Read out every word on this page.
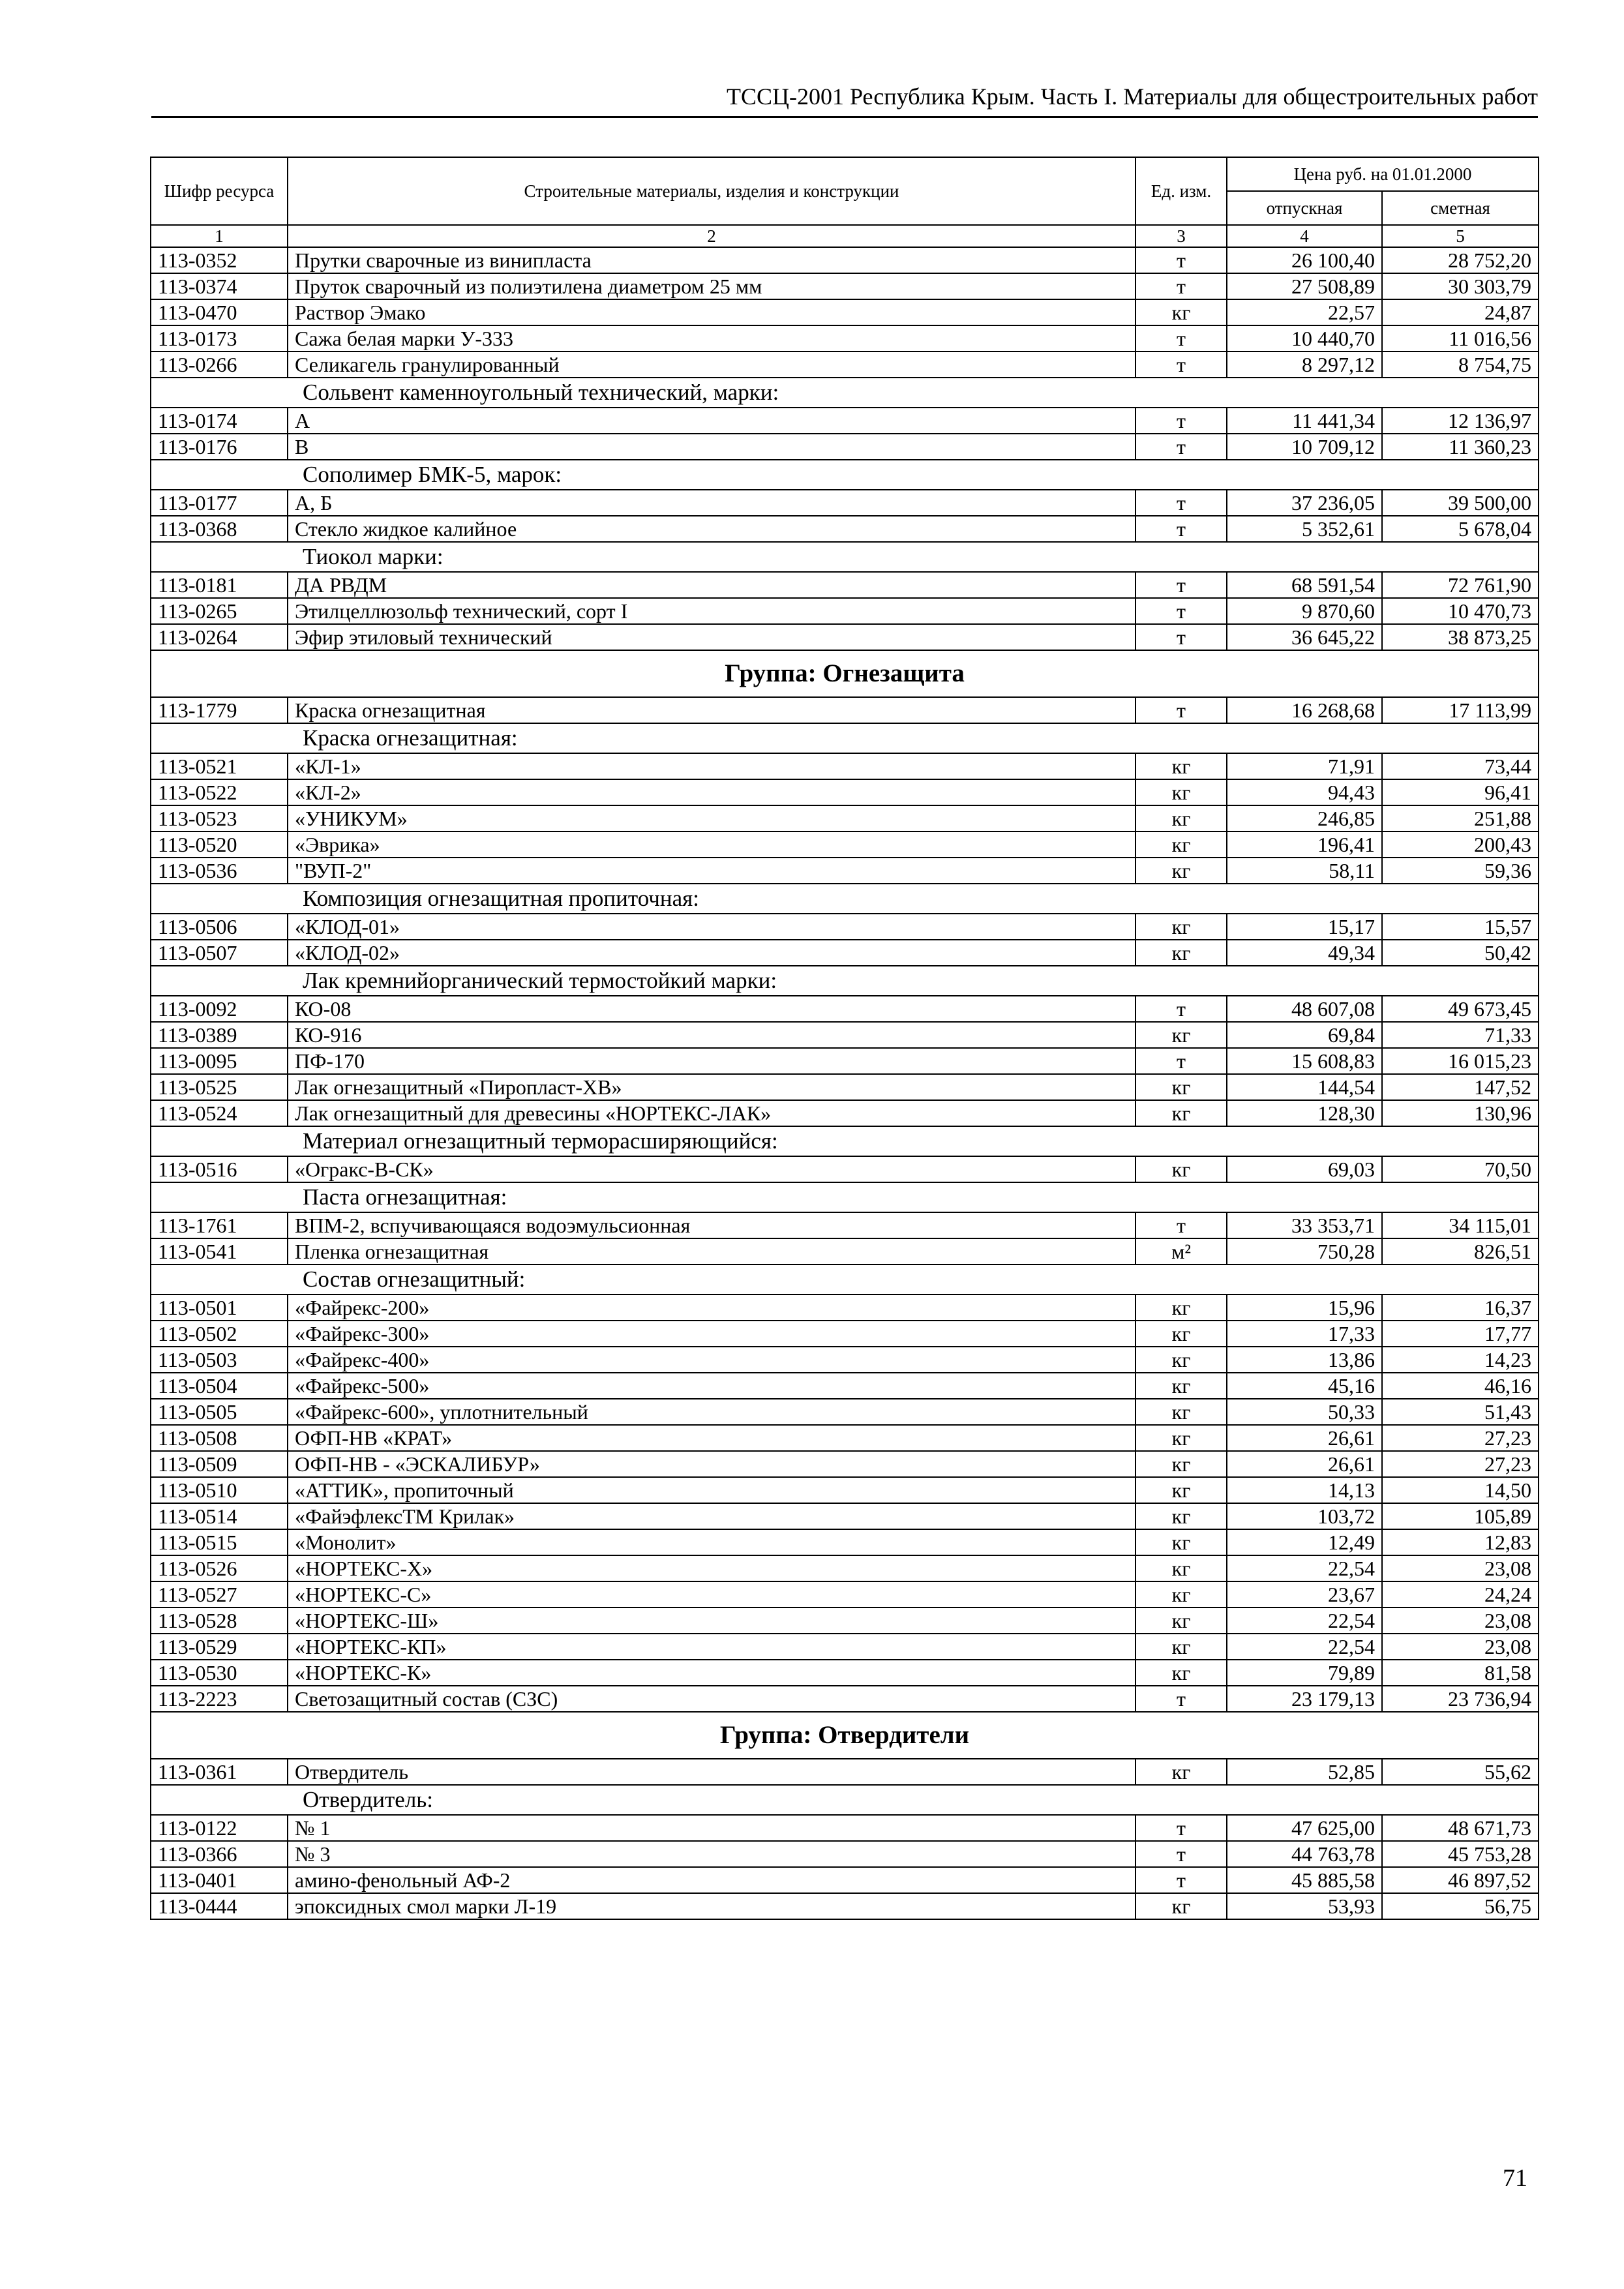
ТССЦ-2001 Республика Крым. Часть I. Материалы для общестроительных работ
Шифр ресурса	Строительные материалы, изделия и конструкции	Ед. изм.	Цена руб. на 01.01.2000	
			отпускная	сметная
1	2	3	4	5
113-0352	Прутки сварочные из винипласта	т	26 100,40	28 752,20
113-0374	Пруток сварочный из полиэтилена диаметром 25 мм	т	27 508,89	30 303,79
113-0470	Раствор Эмако	кг	22,57	24,87
113-0173	Сажа белая марки У-333	т	10 440,70	11 016,56
113-0266	Селикагель гранулированный	т	8 297,12	8 754,75
Сольвент каменноугольный технический, марки:				
113-0174	А	т	11 441,34	12 136,97
113-0176	В	т	10 709,12	11 360,23
Сополимер БМК-5, марок:				
113-0177	А, Б	т	37 236,05	39 500,00
113-0368	Стекло жидкое калийное	т	5 352,61	5 678,04
Тиокол марки:				
113-0181	ДА РВДМ	т	68 591,54	72 761,90
113-0265	Этилцеллюзольф технический, сорт I	т	9 870,60	10 470,73
113-0264	Эфир этиловый технический	т	36 645,22	38 873,25
Группа: Огнезащита				
113-1779	Краска огнезащитная	т	16 268,68	17 113,99
Краска огнезащитная:				
113-0521	«КЛ-1»	кг	71,91	73,44
113-0522	«КЛ-2»	кг	94,43	96,41
113-0523	«УНИКУМ»	кг	246,85	251,88
113-0520	«Эврика»	кг	196,41	200,43
113-0536	"ВУП-2"	кг	58,11	59,36
Композиция огнезащитная пропиточная:				
113-0506	«КЛОД-01»	кг	15,17	15,57
113-0507	«КЛОД-02»	кг	49,34	50,42
Лак кремнийорганический термостойкий марки:				
113-0092	КО-08	т	48 607,08	49 673,45
113-0389	КО-916	кг	69,84	71,33
113-0095	ПФ-170	т	15 608,83	16 015,23
113-0525	Лак огнезащитный «Пиропласт-ХВ»	кг	144,54	147,52
113-0524	Лак огнезащитный для древесины «НОРТЕКС-ЛАК»	кг	128,30	130,96
Материал огнезащитный терморасширяющийся:				
113-0516	«Огракс-В-СК»	кг	69,03	70,50
Паста огнезащитная:				
113-1761	ВПМ-2, вспучивающаяся водоэмульсионная	т	33 353,71	34 115,01
113-0541	Пленка огнезащитная	м²	750,28	826,51
Состав огнезащитный:				
113-0501	«Файрекс-200»	кг	15,96	16,37
113-0502	«Файрекс-300»	кг	17,33	17,77
113-0503	«Файрекс-400»	кг	13,86	14,23
113-0504	«Файрекс-500»	кг	45,16	46,16
113-0505	«Файрекс-600», уплотнительный	кг	50,33	51,43
113-0508	ОФП-НВ «КРАТ»	кг	26,61	27,23
113-0509	ОФП-НВ - «ЭСКАЛИБУР»	кг	26,61	27,23
113-0510	«АТТИК», пропиточный	кг	14,13	14,50
113-0514	«ФайэфлексТМ Крилак»	кг	103,72	105,89
113-0515	«Монолит»	кг	12,49	12,83
113-0526	«НОРТЕКС-Х»	кг	22,54	23,08
113-0527	«НОРТЕКС-С»	кг	23,67	24,24
113-0528	«НОРТЕКС-Ш»	кг	22,54	23,08
113-0529	«НОРТЕКС-КП»	кг	22,54	23,08
113-0530	«НОРТЕКС-К»	кг	79,89	81,58
113-2223	Светозащитный состав (СЗС)	т	23 179,13	23 736,94
Группа: Отвердители				
113-0361	Отвердитель	кг	52,85	55,62
Отвердитель:				
113-0122	№ 1	т	47 625,00	48 671,73
113-0366	№ 3	т	44 763,78	45 753,28
113-0401	амино-фенольный АФ-2	т	45 885,58	46 897,52
113-0444	эпоксидных смол марки Л-19	кг	53,93	56,75
71
